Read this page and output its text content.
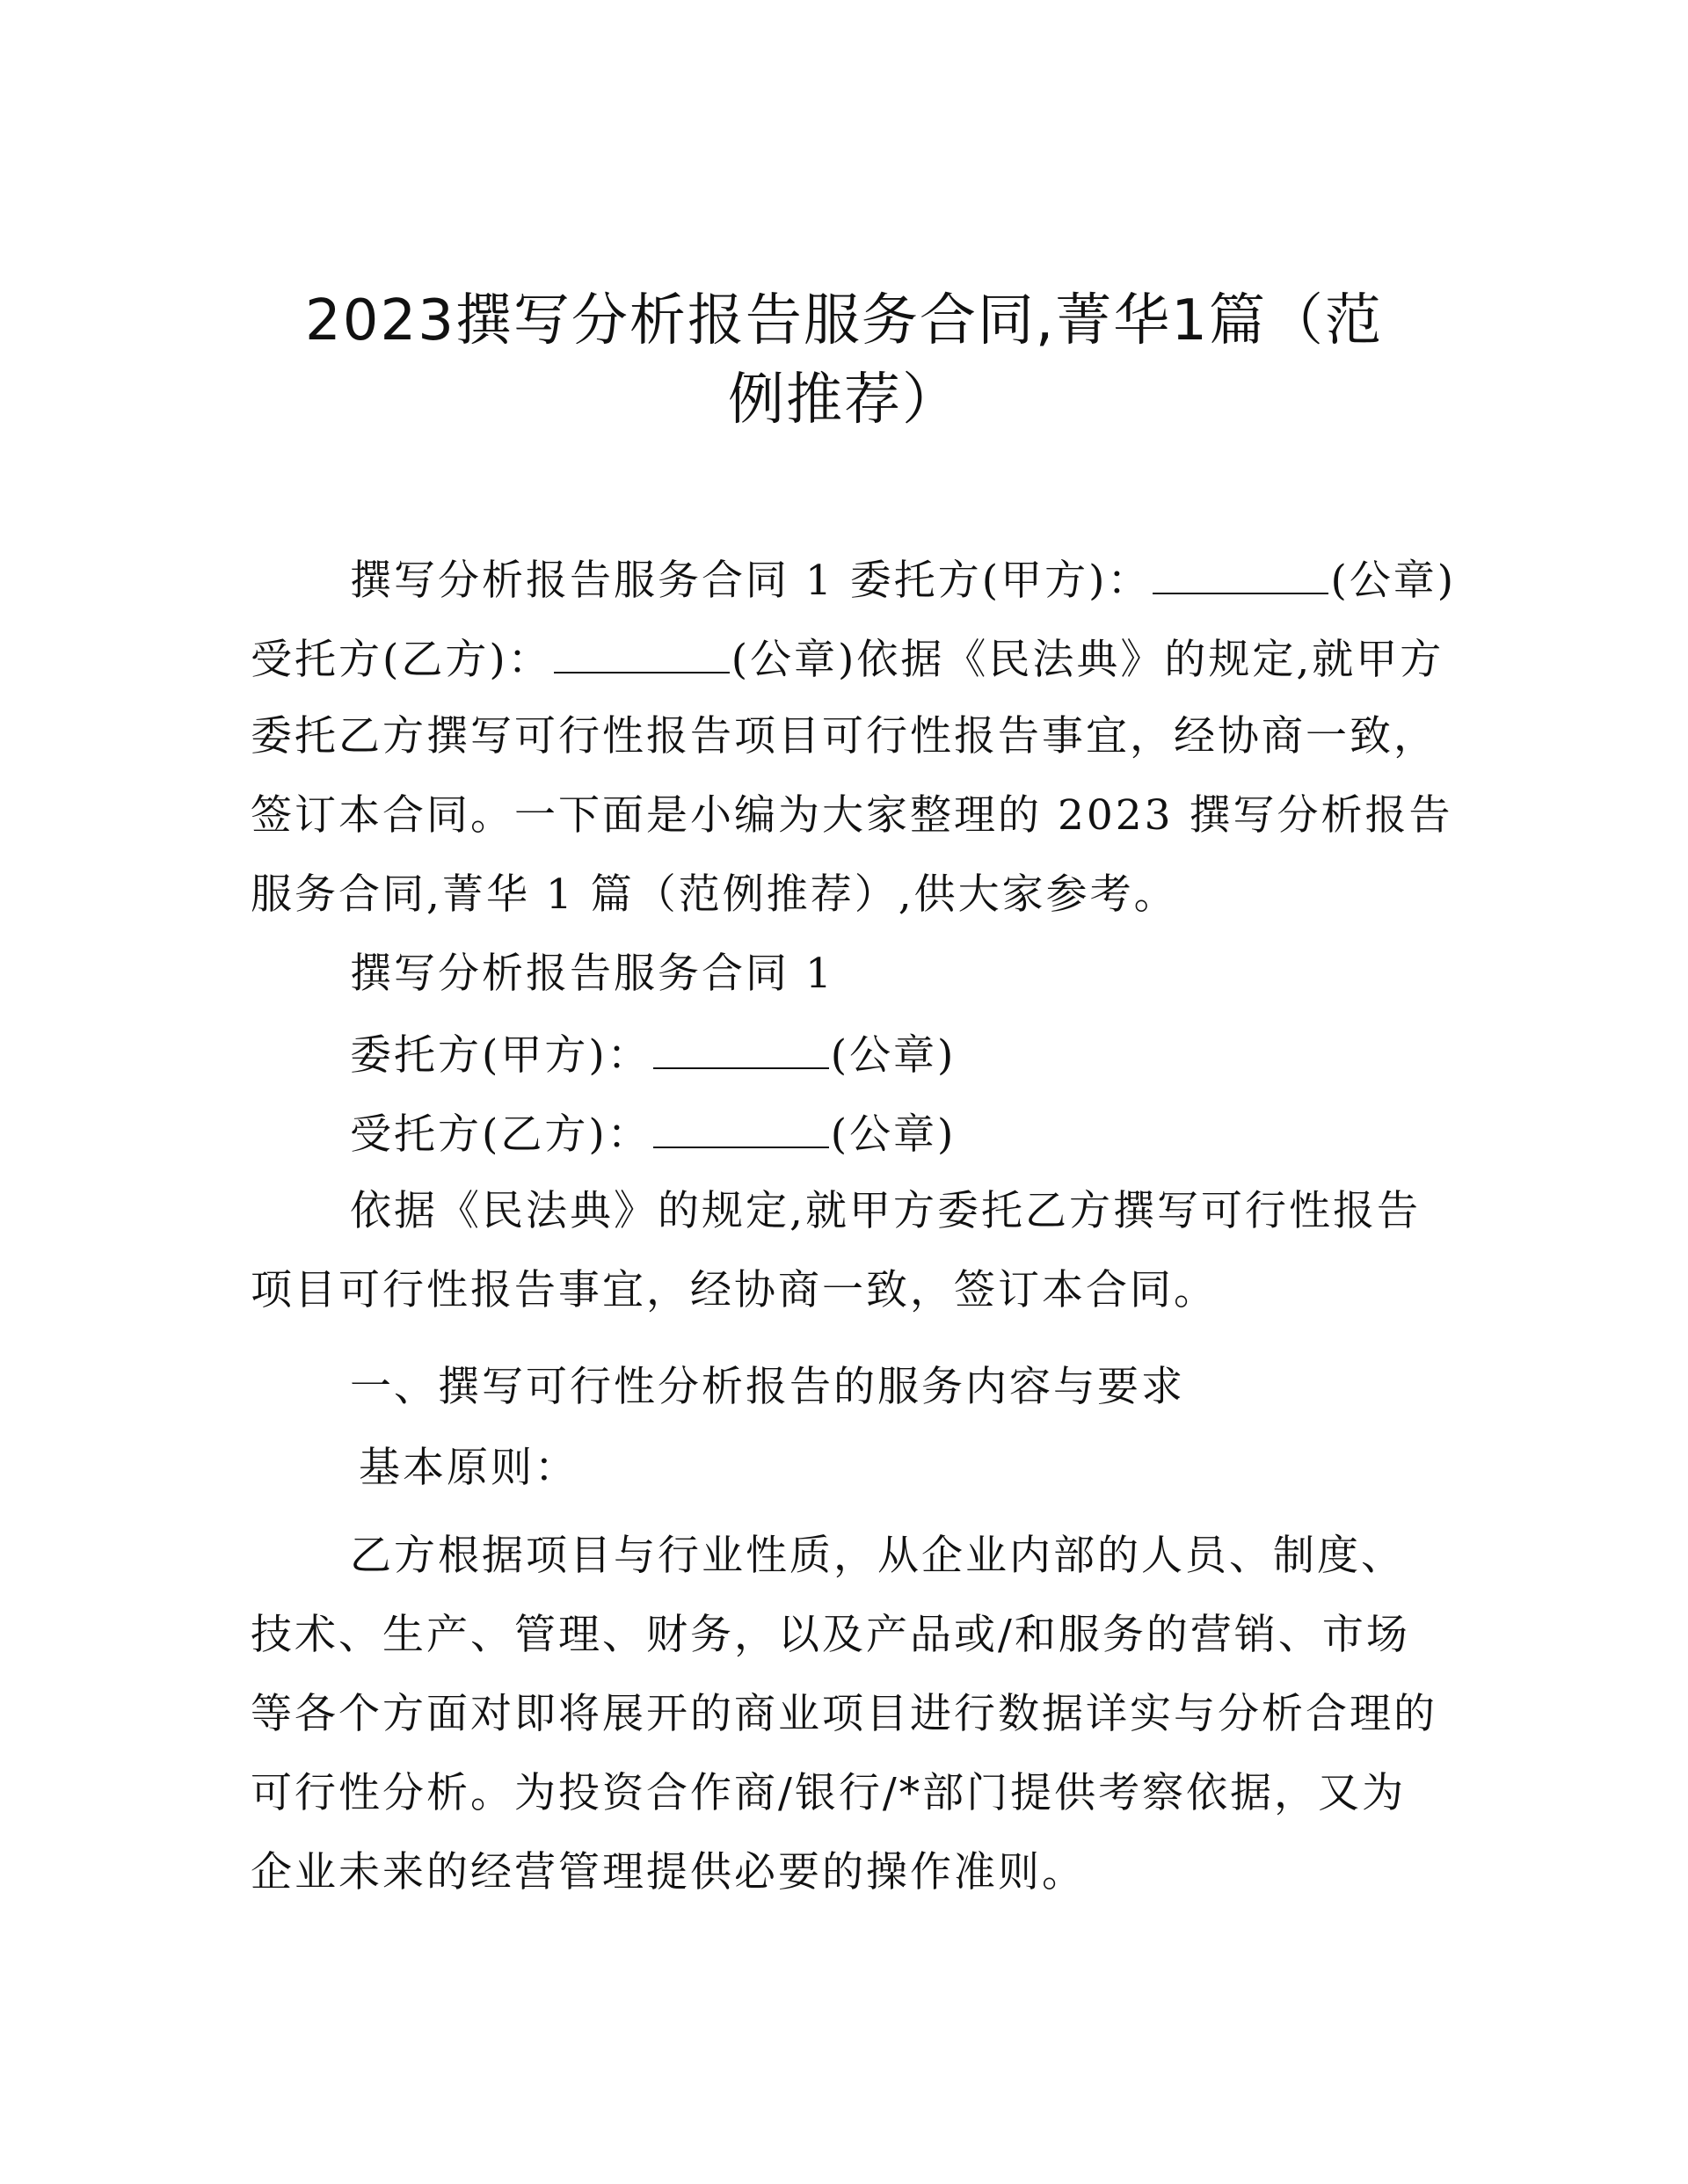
2023撰写分析报告服务合同,菁华1篇（范
例推荐）
撰写分析报告服务合同 1 委托方(甲方)：	(公章)
受托方(乙方)：	(公章)依据《民法典》的规定,就甲方
委托乙方撰写可行性报告项目可行性报告事宜，经协商一致，
签订本合同。一下面是小编为大家整理的 2023 撰写分析报告
服务合同,菁华 1 篇（范例推荐）,供大家参考。
撰写分析报告服务合同 1
委托方(甲方)：	(公章)
受托方(乙方)：	(公章)
依据《民法典》的规定,就甲方委托乙方撰写可行性报告
项目可行性报告事宜，经协商一致，签订本合同。
一、撰写可行性分析报告的服务内容与要求
基本原则：
乙方根据项目与行业性质，从企业内部的人员、制度、
技术、生产、管理、财务，以及产品或/和服务的营销、市场
等各个方面对即将展开的商业项目进行数据详实与分析合理的
可行性分析。为投资合作商/银行/*部门提供考察依据，又为
企业未来的经营管理提供必要的操作准则。
